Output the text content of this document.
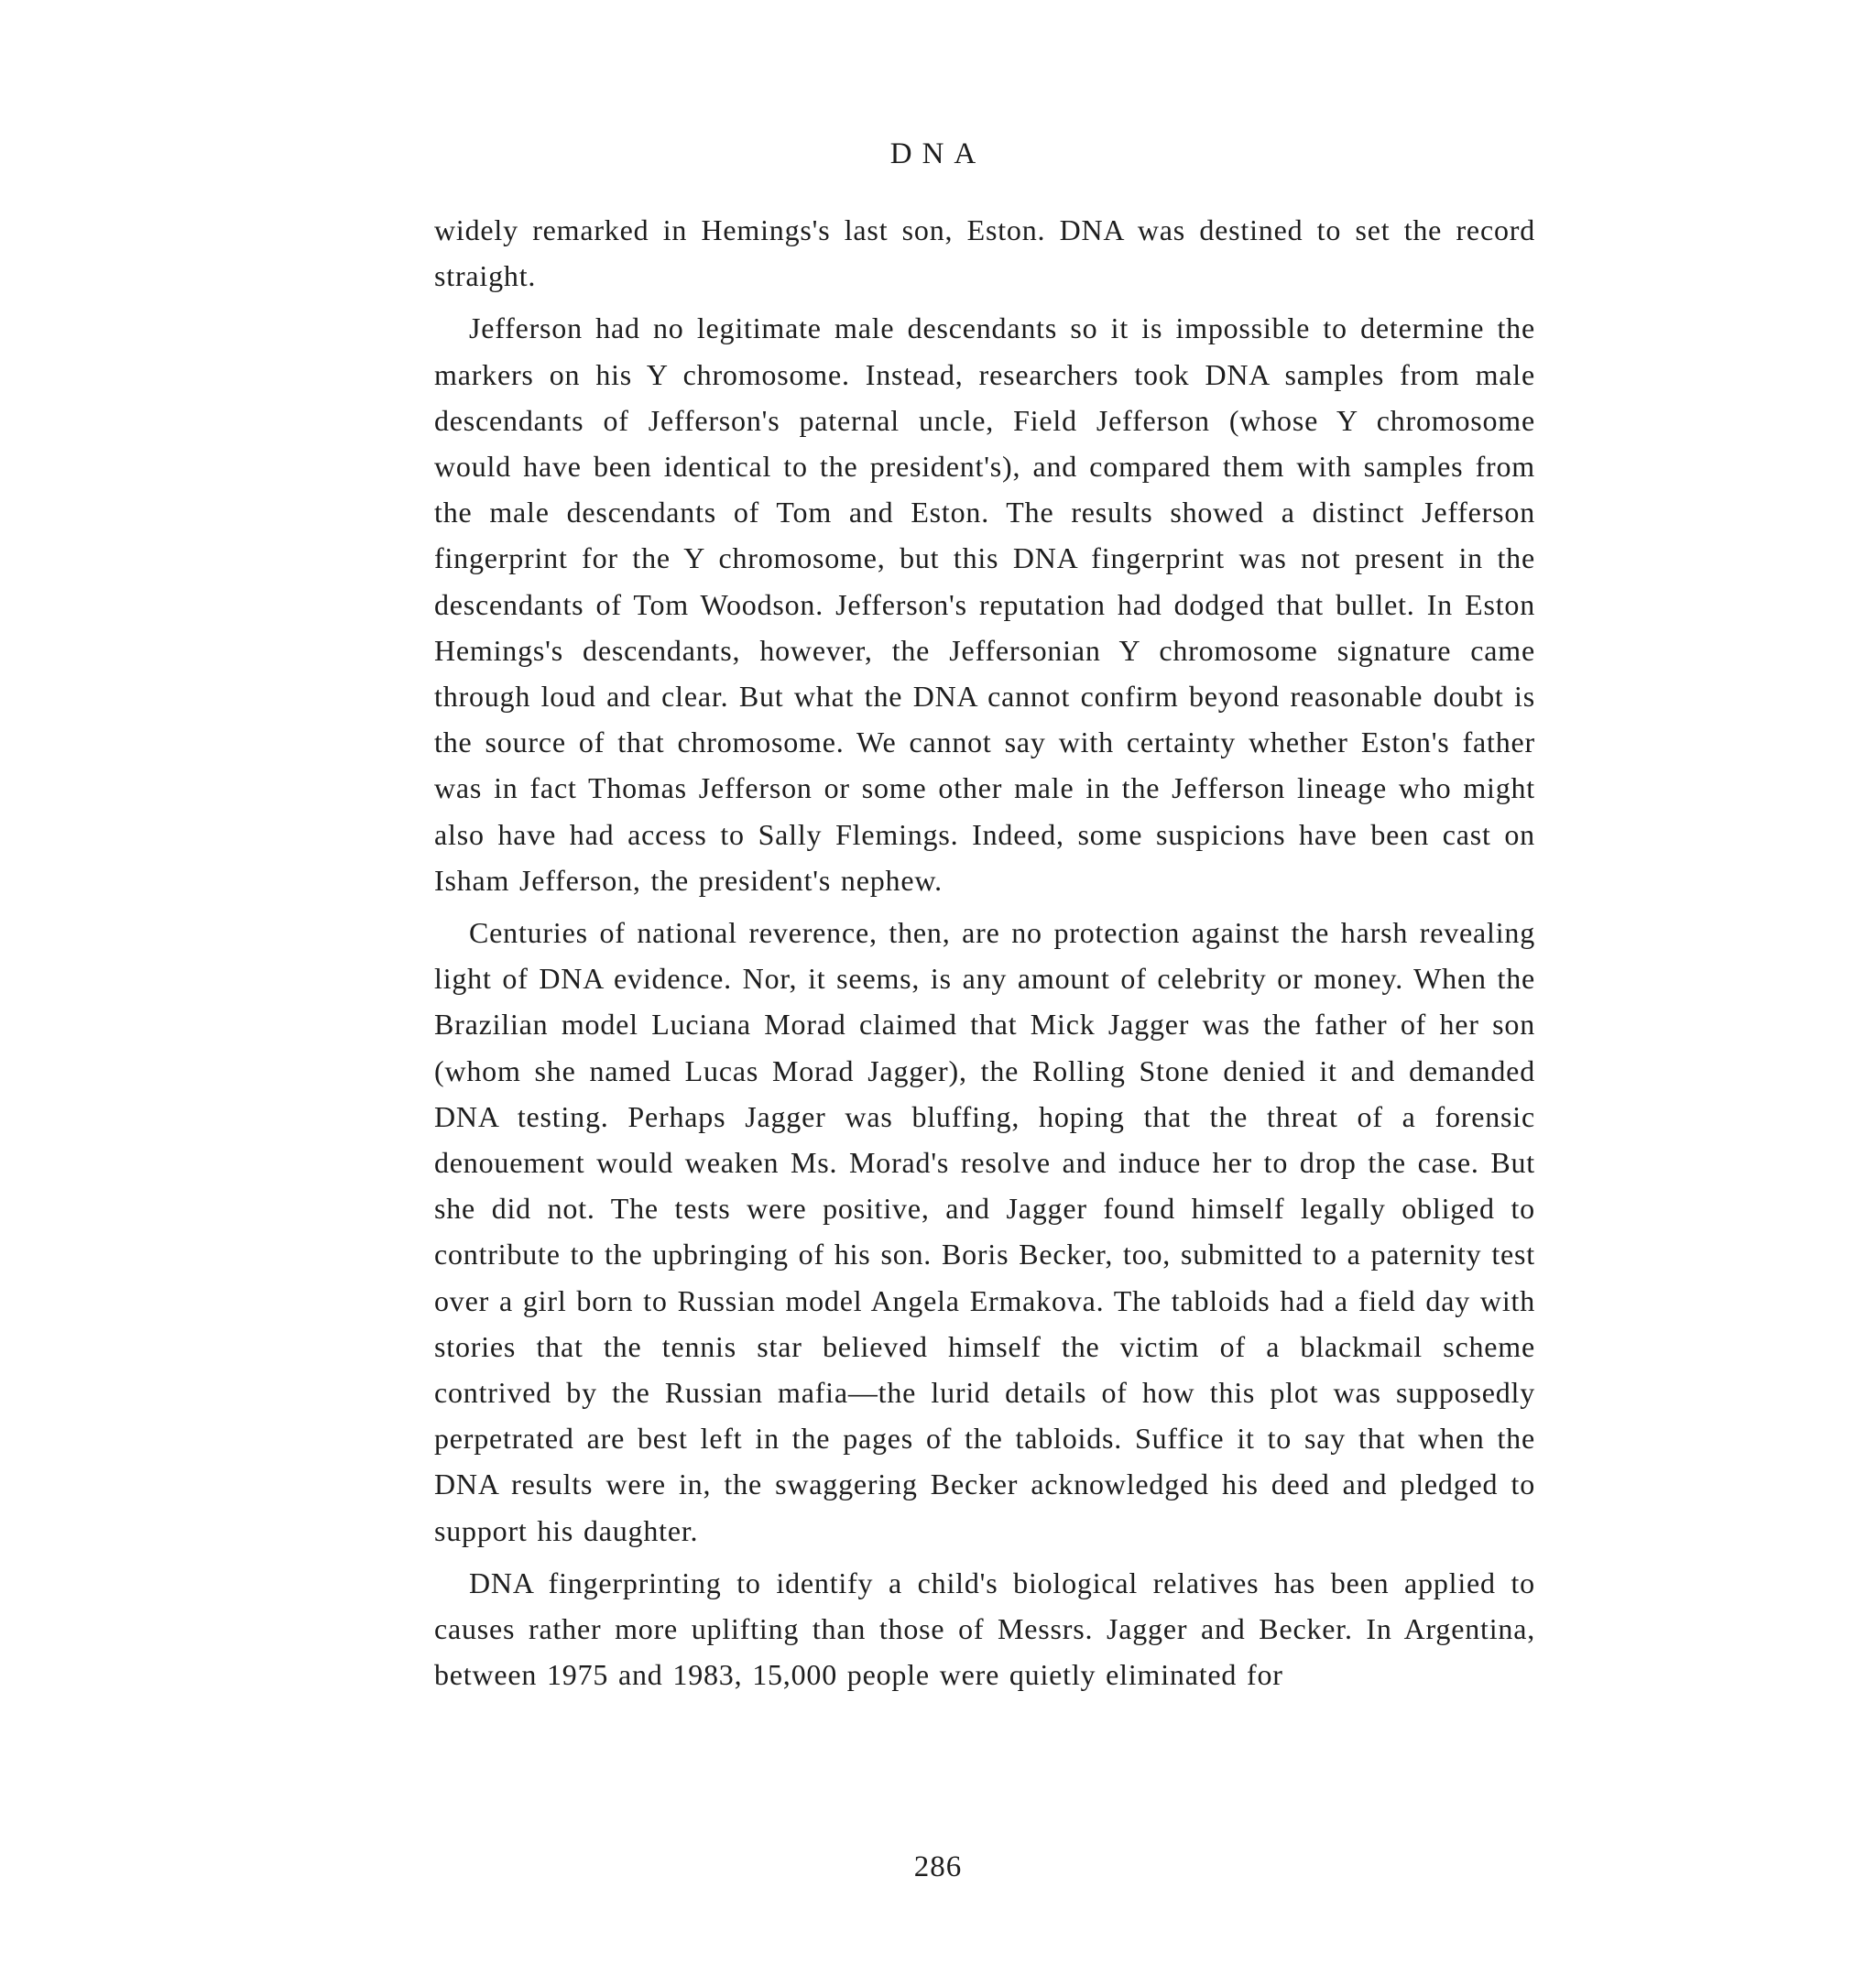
DNA

widely remarked in Hemings's last son, Eston. DNA was destined to set the record straight.

Jefferson had no legitimate male descendants so it is impossible to determine the markers on his Y chromosome. Instead, researchers took DNA samples from male descendants of Jefferson's paternal uncle, Field Jefferson (whose Y chromosome would have been identical to the president's), and compared them with samples from the male descendants of Tom and Eston. The results showed a distinct Jefferson fingerprint for the Y chromosome, but this DNA fingerprint was not present in the descendants of Tom Woodson. Jefferson's reputation had dodged that bullet. In Eston Hemings's descendants, however, the Jeffersonian Y chromosome signature came through loud and clear. But what the DNA cannot confirm beyond reasonable doubt is the source of that chromosome. We cannot say with certainty whether Eston's father was in fact Thomas Jefferson or some other male in the Jefferson lineage who might also have had access to Sally Flemings. Indeed, some suspicions have been cast on Isham Jefferson, the president's nephew.

Centuries of national reverence, then, are no protection against the harsh revealing light of DNA evidence. Nor, it seems, is any amount of celebrity or money. When the Brazilian model Luciana Morad claimed that Mick Jagger was the father of her son (whom she named Lucas Morad Jagger), the Rolling Stone denied it and demanded DNA testing. Perhaps Jagger was bluffing, hoping that the threat of a forensic denouement would weaken Ms. Morad's resolve and induce her to drop the case. But she did not. The tests were positive, and Jagger found himself legally obliged to contribute to the upbringing of his son. Boris Becker, too, submitted to a paternity test over a girl born to Russian model Angela Ermakova. The tabloids had a field day with stories that the tennis star believed himself the victim of a blackmail scheme contrived by the Russian mafia—the lurid details of how this plot was supposedly perpetrated are best left in the pages of the tabloids. Suffice it to say that when the DNA results were in, the swaggering Becker acknowledged his deed and pledged to support his daughter.

DNA fingerprinting to identify a child's biological relatives has been applied to causes rather more uplifting than those of Messrs. Jagger and Becker. In Argentina, between 1975 and 1983, 15,000 people were quietly eliminated for

286
